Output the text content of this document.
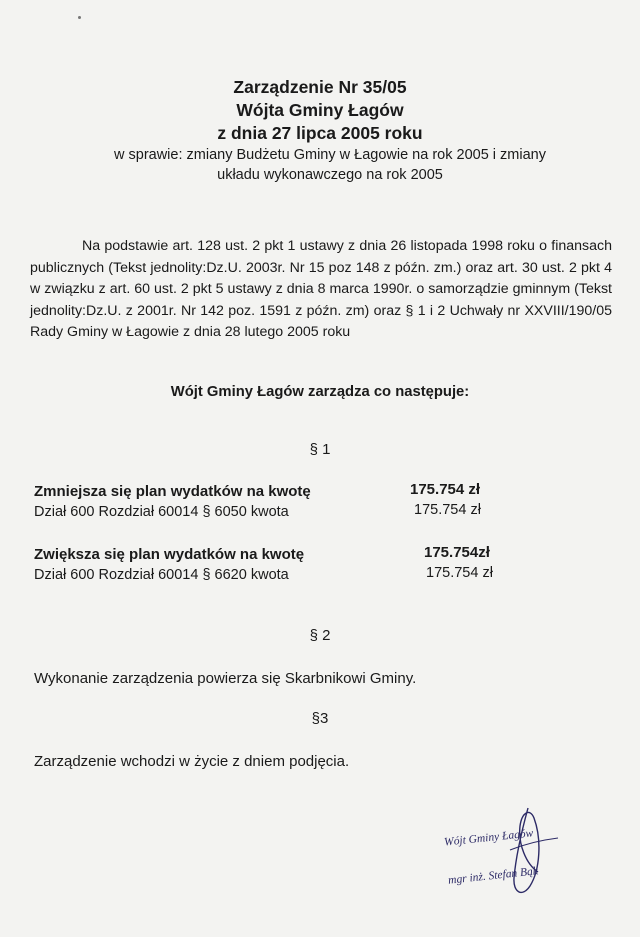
Zarządzenie Nr 35/05
Wójta Gminy Łagów
z dnia 27 lipca 2005 roku
w sprawie: zmiany Budżetu Gminy w Łagowie na rok 2005 i zmiany
układu wykonawczego na rok 2005
Na podstawie art. 128 ust. 2 pkt 1 ustawy z dnia 26 listopada 1998 roku o finansach publicznych (Tekst jednolity:Dz.U. 2003r. Nr 15 poz 148 z późn. zm.) oraz art. 30 ust. 2 pkt 4 w związku z art. 60 ust. 2 pkt 5 ustawy z dnia 8 marca 1990r. o samorządzie gminnym (Tekst jednolity:Dz.U. z 2001r. Nr 142 poz. 1591 z późn. zm) oraz § 1 i 2 Uchwały nr XXVIII/190/05 Rady Gminy w Łagowie z dnia 28 lutego 2005 roku
Wójt Gminy Łagów zarządza co następuje:
§ 1
Zmniejsza się plan wydatków na kwotę	175.754 zł
Dział 600 Rozdział 60014 § 6050 kwota	175.754 zł
Zwiększa się plan wydatków na kwotę	175.754zł
Dział 600 Rozdział 60014 § 6620 kwota	175.754 zł
§ 2
Wykonanie zarządzenia powierza się Skarbnikowi Gminy.
§3
Zarządzenie wchodzi w życie z dniem podjęcia.
Wójt Gminy Łagów
mgr inż. Stefan Bąk
